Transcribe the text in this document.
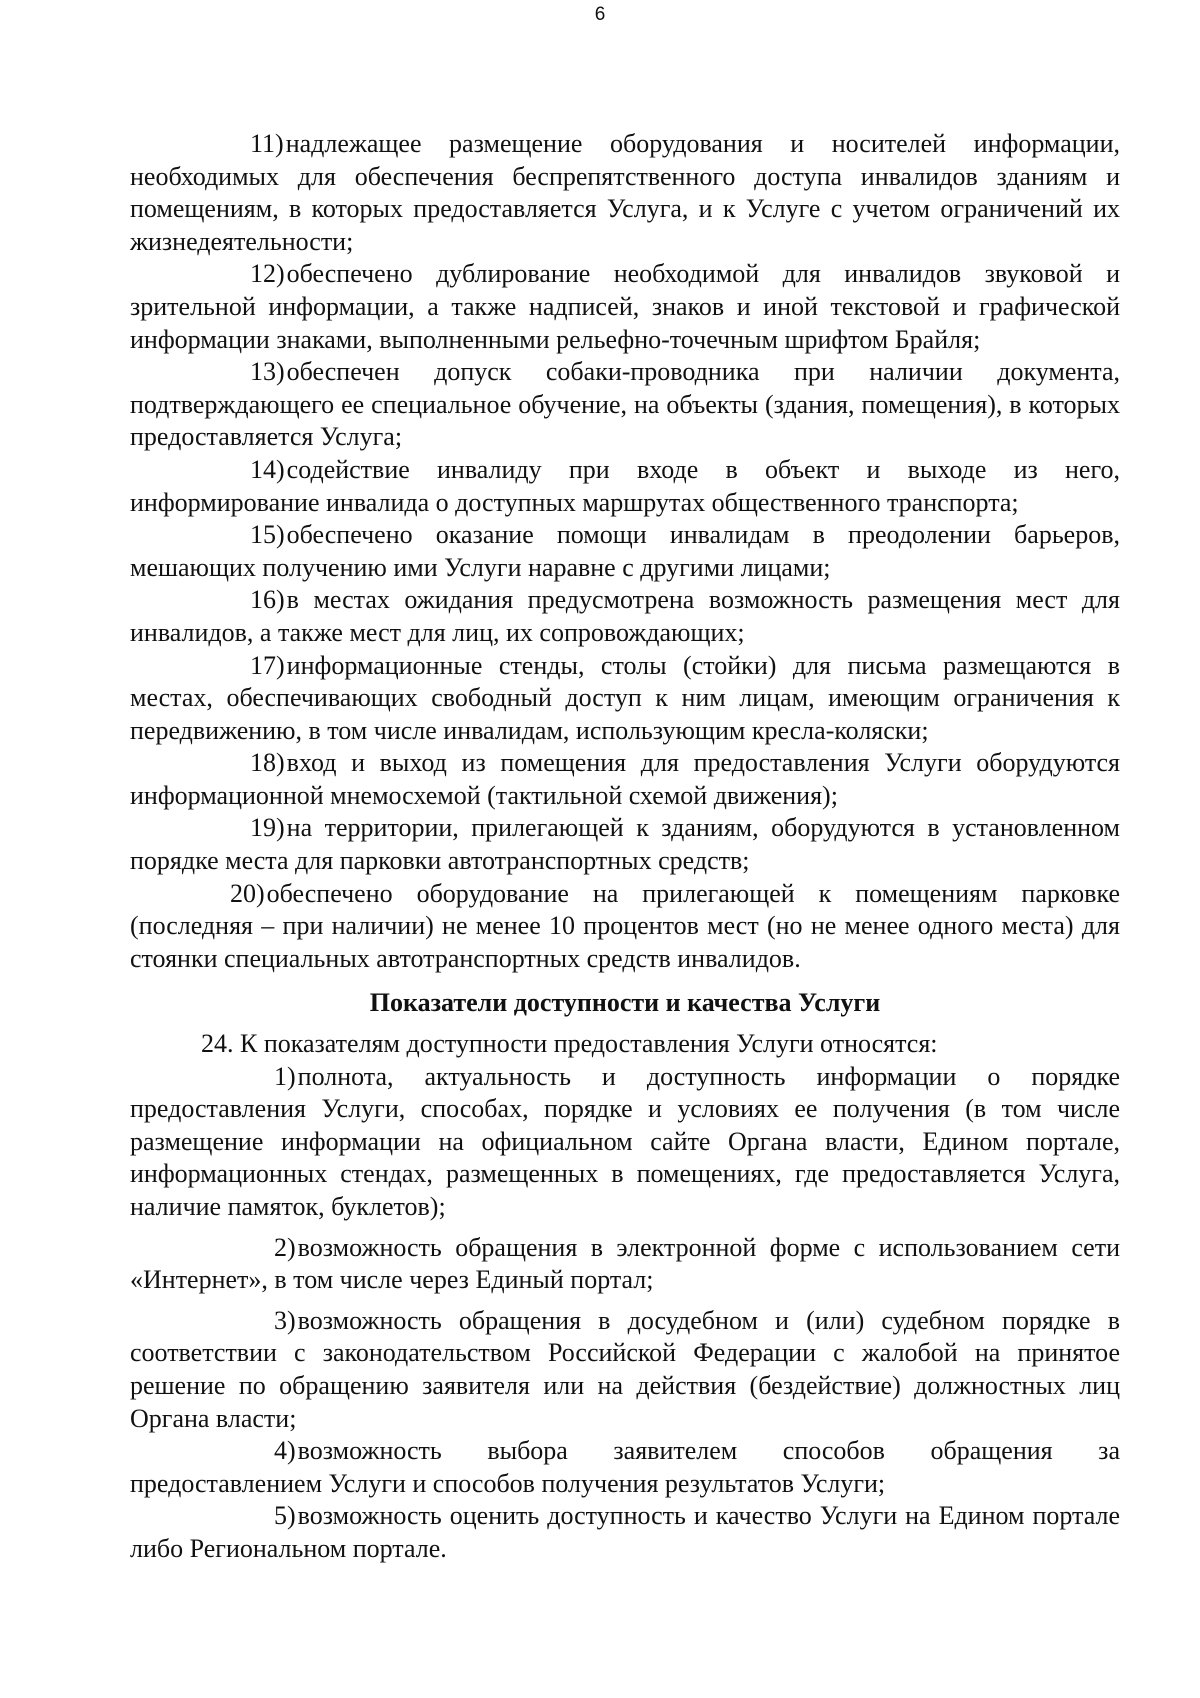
6

11)надлежащее размещение оборудования и носителей информации, необходимых для обеспечения беспрепятственного доступа инвалидов зданиям и помещениям, в которых предоставляется Услуга, и к Услуге с учетом ограничений их жизнедеятельности;

12)обеспечено дублирование необходимой для инвалидов звуковой и зрительной информации, а также надписей, знаков и иной текстовой и графической информации знаками, выполненными рельефно-точечным шрифтом Брайля;

13)обеспечен допуск собаки-проводника при наличии документа, подтверждающего ее специальное обучение, на объекты (здания, помещения), в которых предоставляется Услуга;

14)содействие инвалиду при входе в объект и выходе из него, информирование инвалида о доступных маршрутах общественного транспорта;

15)обеспечено оказание помощи инвалидам в преодолении барьеров, мешающих получению ими Услуги наравне с другими лицами;

16)в местах ожидания предусмотрена возможность размещения мест для инвалидов, а также мест для лиц, их сопровождающих;

17)информационные стенды, столы (стойки) для письма размещаются в местах, обеспечивающих свободный доступ к ним лицам, имеющим ограничения к передвижению, в том числе инвалидам, использующим кресла-коляски;

18)вход и выход из помещения для предоставления Услуги оборудуются информационной мнемосхемой (тактильной схемой движения);

19)на территории, прилегающей к зданиям, оборудуются в установленном порядке места для парковки автотранспортных средств;

20)обеспечено оборудование на прилегающей к помещениям парковке (последняя – при наличии) не менее 10 процентов мест (но не менее одного места) для стоянки специальных автотранспортных средств инвалидов.

Показатели доступности и качества Услуги

24. К показателям доступности предоставления Услуги относятся:

1)полнота, актуальность и доступность информации о порядке предоставления Услуги, способах, порядке и условиях ее получения (в том числе размещение информации на официальном сайте Органа власти, Едином портале, информационных стендах, размещенных в помещениях, где предоставляется Услуга, наличие памяток, буклетов);

2)возможность обращения в электронной форме с использованием сети «Интернет», в том числе через Единый портал;

3)возможность обращения в досудебном и (или) судебном порядке в соответствии с законодательством Российской Федерации с жалобой на принятое решение по обращению заявителя или на действия (бездействие) должностных лиц Органа власти;

4)возможность выбора заявителем способов обращения за предоставлением Услуги и способов получения результатов Услуги;

5)возможность оценить доступность и качество Услуги на Едином портале либо Региональном портале.
